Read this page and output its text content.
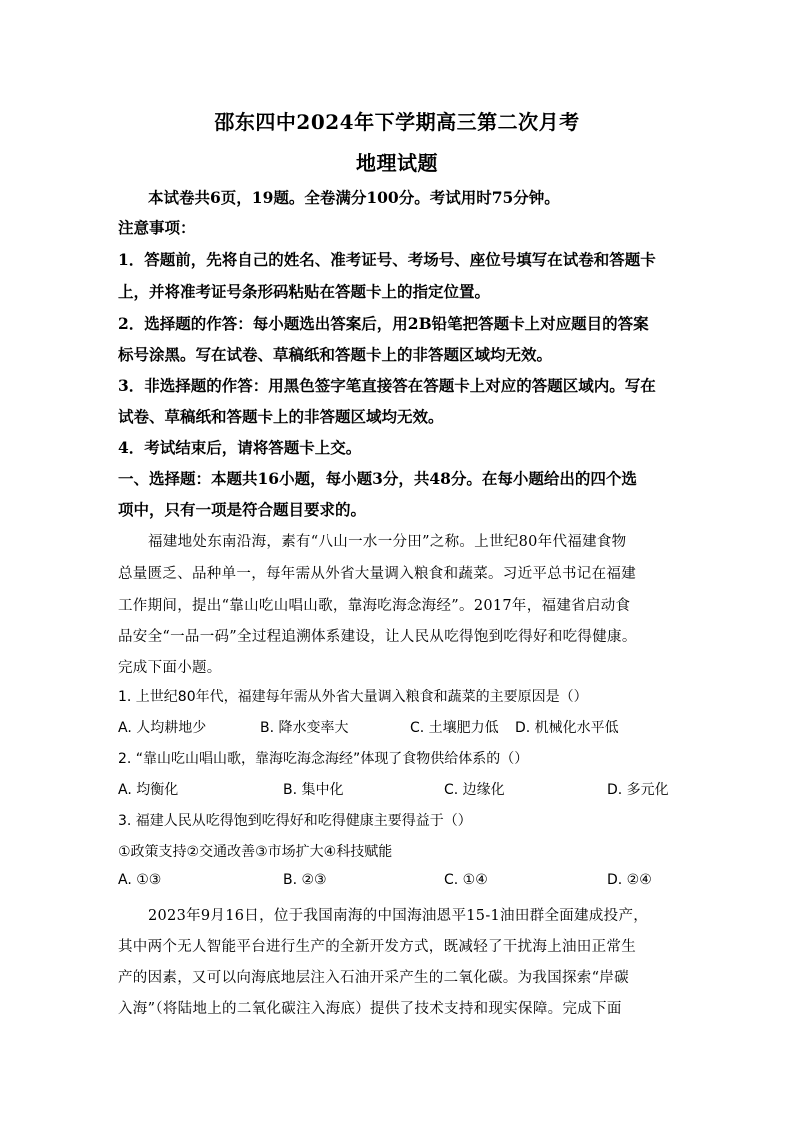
邵东四中2024年下学期高三第二次月考
地理试题
本试卷共6页，19题。全卷满分100分。考试用时75分钟。
注意事项：
1．答题前，先将自己的姓名、准考证号、考场号、座位号填写在试卷和答题卡
上，并将准考证号条形码粘贴在答题卡上的指定位置。
2．选择题的作答：每小题选出答案后，用2B铅笔把答题卡上对应题目的答案
标号涂黑。写在试卷、草稿纸和答题卡上的非答题区域均无效。
3．非选择题的作答：用黑色签字笔直接答在答题卡上对应的答题区域内。写在
试卷、草稿纸和答题卡上的非答题区域均无效。
4．考试结束后，请将答题卡上交。
一、选择题：本题共16小题，每小题3分，共48分。在每小题给出的四个选
项中，只有一项是符合题目要求的。
福建地处东南沿海，素有“八山一水一分田”之称。上世纪80年代福建食物
总量匮乏、品种单一，每年需从外省大量调入粮食和蔬菜。习近平总书记在福建
工作期间，提出“靠山吃山唱山歌，靠海吃海念海经”。2017年，福建省启动食
品安全“一品一码”全过程追溯体系建设，让人民从吃得饱到吃得好和吃得健康。
完成下面小题。
1. 上世纪80年代，福建每年需从外省大量调入粮食和蔬菜的主要原因是（）
A. 人均耕地少	B. 降水变率大	C. 土壤肥力低 D. 机械化水平低
2. “靠山吃山唱山歌，靠海吃海念海经”体现了食物供给体系的（）
A. 均衡化	B. 集中化	C. 边缘化	D. 多元化
3. 福建人民从吃得饱到吃得好和吃得健康主要得益于（）
①政策支持②交通改善③市场扩大④科技赋能
A. ①③	B. ②③	C. ①④	D. ②④
2023年9月16日，位于我国南海的中国海油恩平15-1油田群全面建成投产，
其中两个无人智能平台进行生产的全新开发方式，既减轻了干扰海上油田正常生
产的因素，又可以向海底地层注入石油开采产生的二氧化碳。为我国探索“岸碳
入海”（将陆地上的二氧化碳注入海底）提供了技术支持和现实保障。完成下面
